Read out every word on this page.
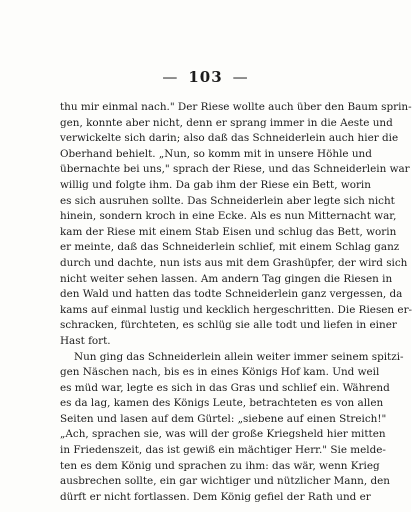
— 103 —
thu mir einmal nach." Der Riese wollte auch über den Baum sprin-
gen, konnte aber nicht, denn er sprang immer in die Aeste und
verwickelte sich darin; also daß das Schneiderlein auch hier die
Oberhand behielt. „Nun, so komm mit in unsere Höhle und
übernachte bei uns," sprach der Riese, und das Schneiderlein war
willig und folgte ihm. Da gab ihm der Riese ein Bett, worin
es sich ausruhen sollte. Das Schneiderlein aber legte sich nicht
hinein, sondern kroch in eine Ecke. Als es nun Mitternacht war,
kam der Riese mit einem Stab Eisen und schlug das Bett, worin
er meinte, daß das Schneiderlein schlief, mit einem Schlag ganz
durch und dachte, nun ists aus mit dem Grashüpfer, der wird sich
nicht weiter sehen lassen. Am andern Tag gingen die Riesen in
den Wald und hatten das todte Schneiderlein ganz vergessen, da
kams auf einmal lustig und kecklich hergeschritten. Die Riesen er-
schracken, fürchteten, es schlüg sie alle todt und liefen in einer
Hast fort.
Nun ging das Schneiderlein allein weiter immer seinem spitzi-
gen Näschen nach, bis es in eines Königs Hof kam. Und weil
es müd war, legte es sich in das Gras und schlief ein. Während
es da lag, kamen des Königs Leute, betrachteten es von allen
Seiten und lasen auf dem Gürtel: „siebene auf einen Streich!"
„Ach, sprachen sie, was will der große Kriegsheld hier mitten
in Friedenszeit, das ist gewiß ein mächtiger Herr." Sie melde-
ten es dem König und sprachen zu ihm: das wär, wenn Krieg
ausbrechen sollte, ein gar wichtiger und nützlicher Mann, den
dürft er nicht fortlassen. Dem König gefiel der Rath und er
